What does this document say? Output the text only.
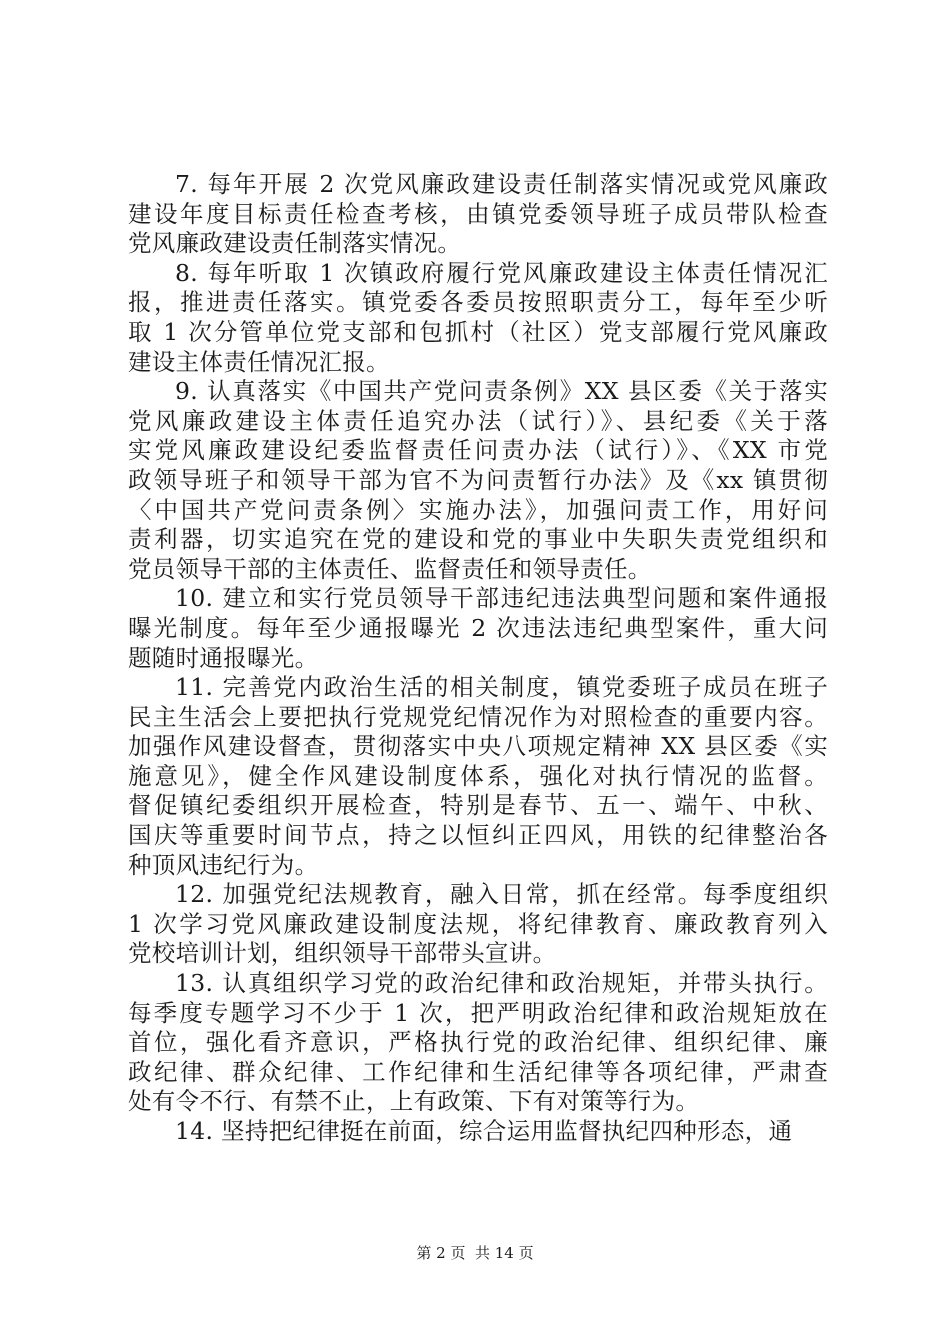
7. 每年开展 2 次党风廉政建设责任制落实情况或党风廉政
建设年度目标责任检查考核，由镇党委领导班子成员带队检查
党风廉政建设责任制落实情况。
8. 每年听取 1 次镇政府履行党风廉政建设主体责任情况汇
报，推进责任落实。镇党委各委员按照职责分工，每年至少听
取 1 次分管单位党支部和包抓村（社区）党支部履行党风廉政
建设主体责任情况汇报。
9. 认真落实《中国共产党问责条例》XX 县区委《关于落实
党风廉政建设主体责任追究办法（试行）》、县纪委《关于落
实党风廉政建设纪委监督责任问责办法（试行）》、《XX 市党
政领导班子和领导干部为官不为问责暂行办法》及《xx 镇贯彻
〈中国共产党问责条例〉实施办法》，加强问责工作，用好问
责利器，切实追究在党的建设和党的事业中失职失责党组织和
党员领导干部的主体责任、监督责任和领导责任。
10. 建立和实行党员领导干部违纪违法典型问题和案件通报
曝光制度。每年至少通报曝光 2 次违法违纪典型案件，重大问
题随时通报曝光。
11. 完善党内政治生活的相关制度，镇党委班子成员在班子
民主生活会上要把执行党规党纪情况作为对照检查的重要内容。
加强作风建设督查，贯彻落实中央八项规定精神 XX 县区委《实
施意见》，健全作风建设制度体系，强化对执行情况的监督。
督促镇纪委组织开展检查，特别是春节、五一、端午、中秋、
国庆等重要时间节点，持之以恒纠正四风，用铁的纪律整治各
种顶风违纪行为。
12. 加强党纪法规教育，融入日常，抓在经常。每季度组织
1 次学习党风廉政建设制度法规，将纪律教育、廉政教育列入
党校培训计划，组织领导干部带头宣讲。
13. 认真组织学习党的政治纪律和政治规矩，并带头执行。
每季度专题学习不少于 1 次，把严明政治纪律和政治规矩放在
首位，强化看齐意识，严格执行党的政治纪律、组织纪律、廉
政纪律、群众纪律、工作纪律和生活纪律等各项纪律，严肃查
处有令不行、有禁不止，上有政策、下有对策等行为。
14. 坚持把纪律挺在前面，综合运用监督执纪四种形态，通
第 2 页  共 14 页
